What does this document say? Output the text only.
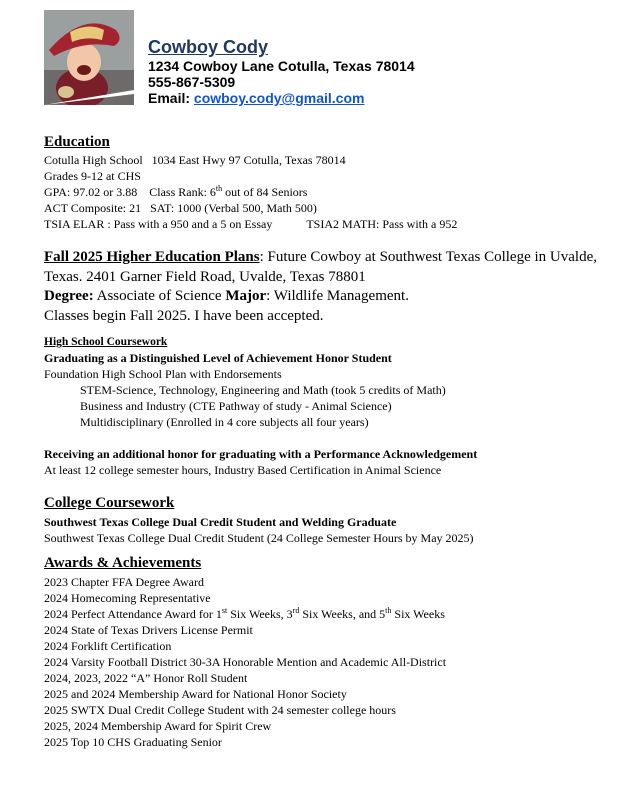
Cowboy Cody
1234 Cowboy Lane Cotulla, Texas 78014
555-867-5309
Email: cowboy.cody@gmail.com
Education
Cotulla High School 1034 East Hwy 97 Cotulla, Texas 78014
Grades 9-12 at CHS
GPA: 97.02 or 3.88 Class Rank: 6th out of 84 Seniors
ACT Composite: 21 SAT: 1000 (Verbal 500, Math 500)
TSIA ELAR : Pass with a 950 and a 5 on Essay	TSIA2 MATH: Pass with a 952
Fall 2025 Higher Education Plans: Future Cowboy at Southwest Texas College in Uvalde,
Texas. 2401 Garner Field Road, Uvalde, Texas 78801
Degree: Associate of Science Major: Wildlife Management.
Classes begin Fall 2025. I have been accepted.
High School Coursework
Graduating as a Distinguished Level of Achievement Honor Student
Foundation High School Plan with Endorsements
STEM-Science, Technology, Engineering and Math (took 5 credits of Math)
Business and Industry (CTE Pathway of study - Animal Science)
Multidisciplinary (Enrolled in 4 core subjects all four years)
Receiving an additional honor for graduating with a Performance Acknowledgement
At least 12 college semester hours, Industry Based Certification in Animal Science
College Coursework
Southwest Texas College Dual Credit Student and Welding Graduate
Southwest Texas College Dual Credit Student (24 College Semester Hours by May 2025)
Awards & Achievements
2023 Chapter FFA Degree Award
2024 Homecoming Representative
2024 Perfect Attendance Award for 1st Six Weeks, 3rd Six Weeks, and 5th Six Weeks
2024 State of Texas Drivers License Permit
2024 Forklift Certification
2024 Varsity Football District 30-3A Honorable Mention and Academic All-District
2024, 2023, 2022 “A” Honor Roll Student
2025 and 2024 Membership Award for National Honor Society
2025 SWTX Dual Credit College Student with 24 semester college hours
2025, 2024 Membership Award for Spirit Crew
2025 Top 10 CHS Graduating Senior
